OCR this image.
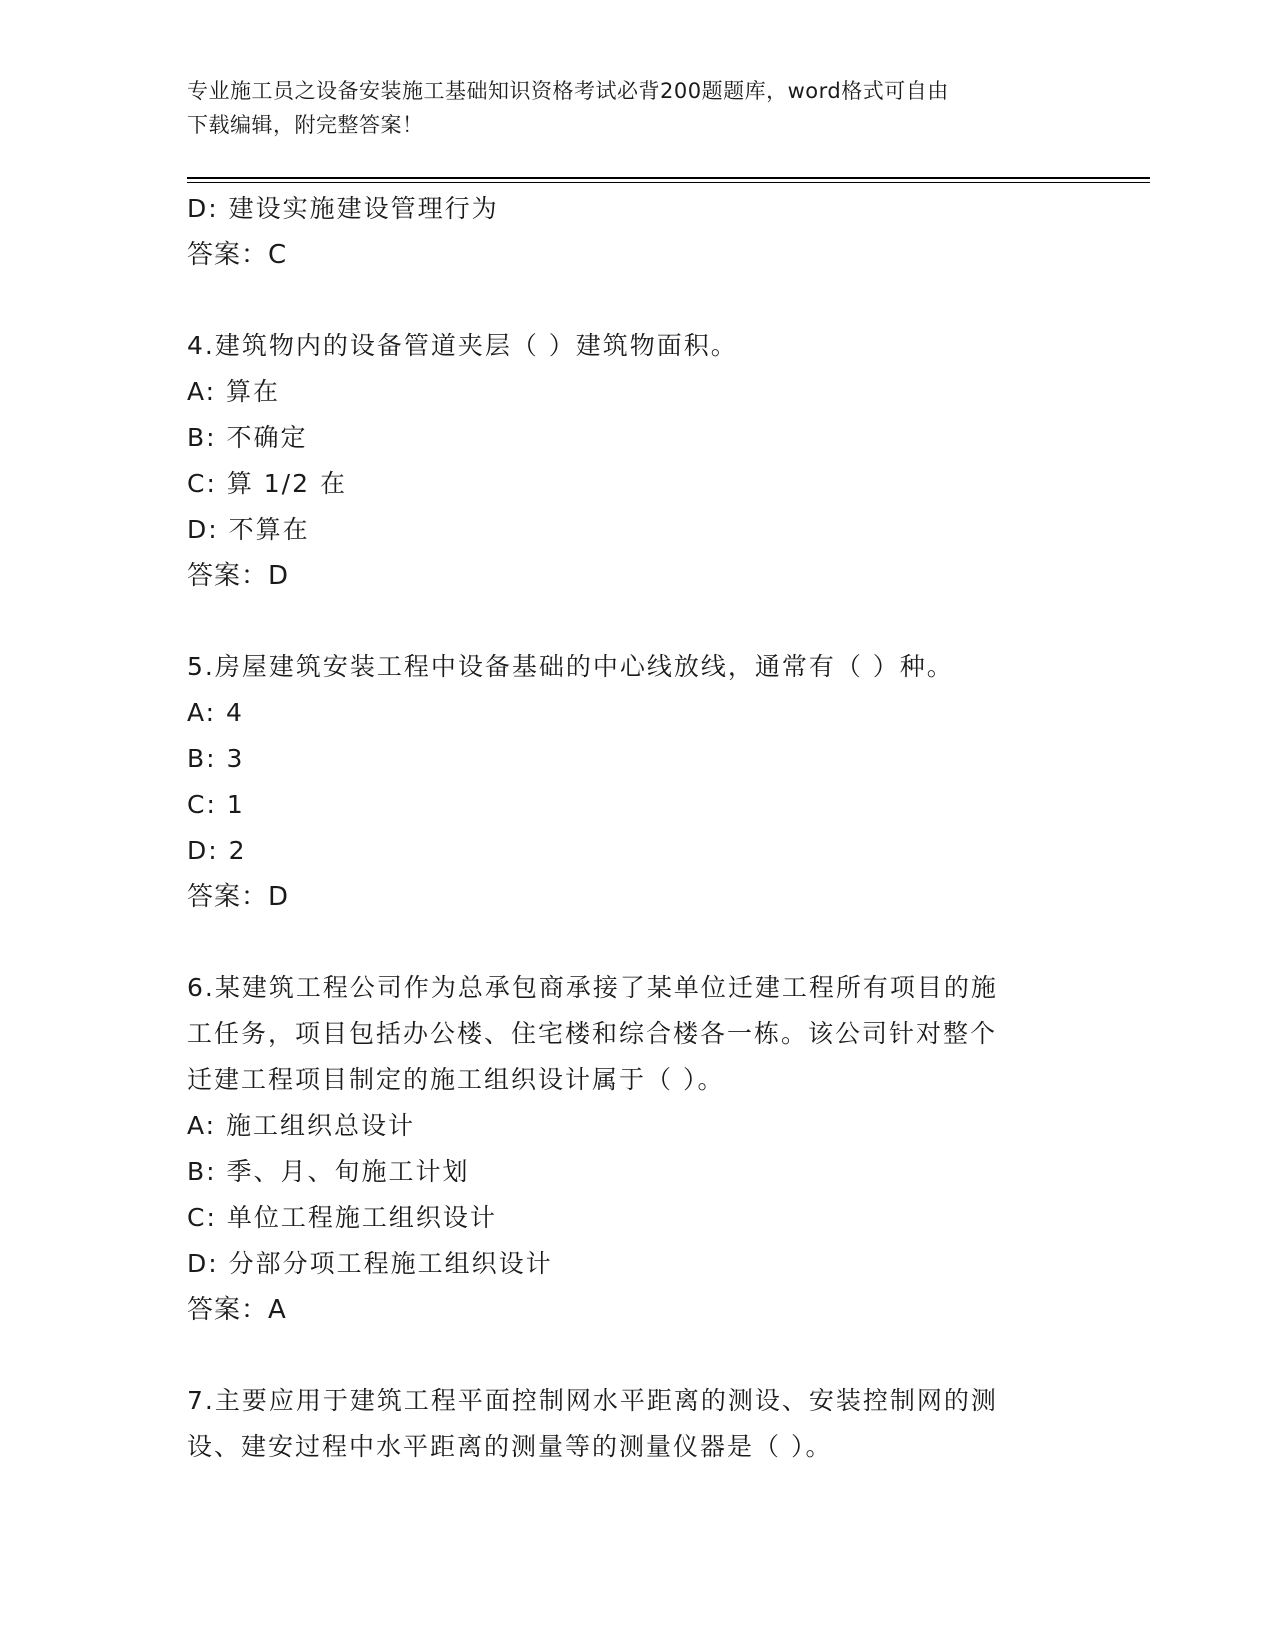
专业施工员之设备安装施工基础知识资格考试必背200题题库，word格式可自由
下载编辑，附完整答案！
D: 建设实施建设管理行为
答案：C
4.建筑物内的设备管道夹层（ ）建筑物面积。
A: 算在
B: 不确定
C: 算 1/2 在
D: 不算在
答案：D
5.房屋建筑安装工程中设备基础的中心线放线，通常有（ ）种。
A: 4
B: 3
C: 1
D: 2
答案：D
6.某建筑工程公司作为总承包商承接了某单位迁建工程所有项目的施
工任务，项目包括办公楼、住宅楼和综合楼各一栋。该公司针对整个
迁建工程项目制定的施工组织设计属于（ ）。
A: 施工组织总设计
B: 季、月、旬施工计划
C: 单位工程施工组织设计
D: 分部分项工程施工组织设计
答案：A
7.主要应用于建筑工程平面控制网水平距离的测设、安装控制网的测
设、建安过程中水平距离的测量等的测量仪器是（ ）。
